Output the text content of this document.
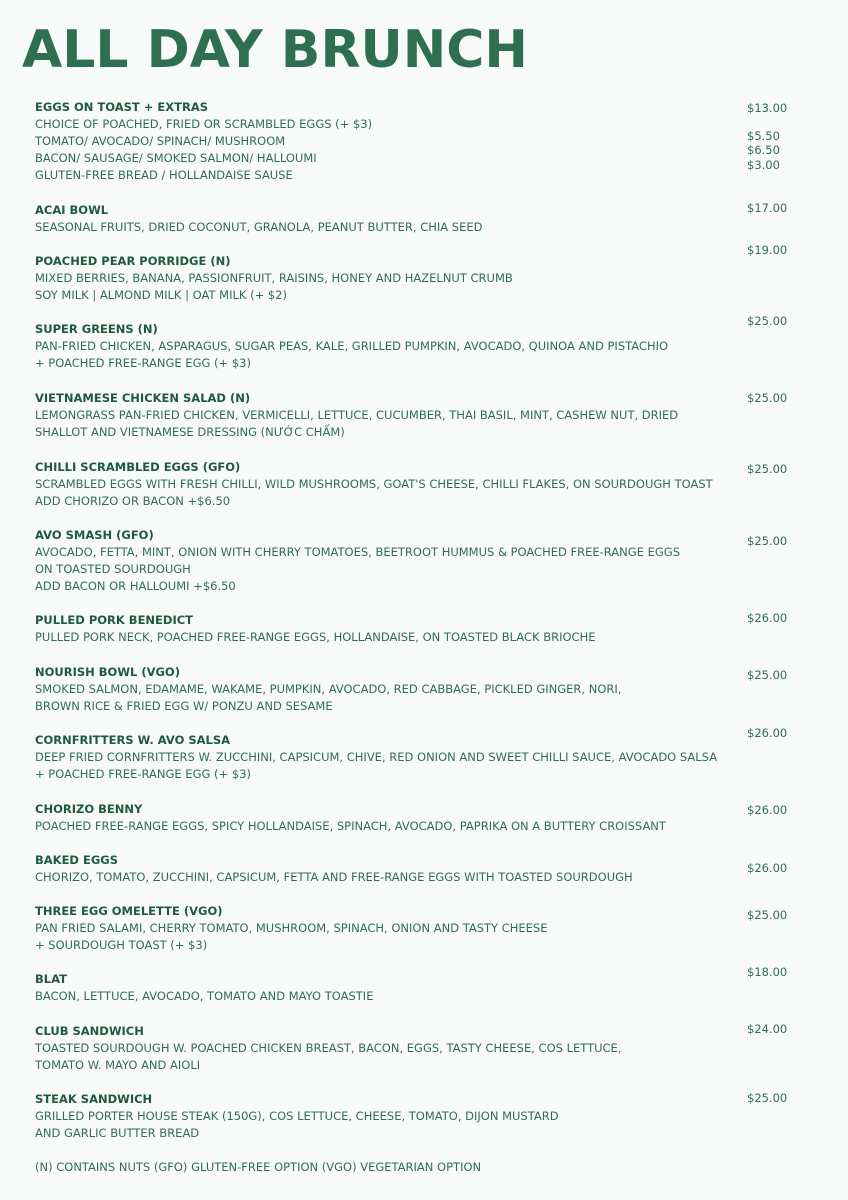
ALL DAY BRUNCH
EGGS ON TOAST + EXTRAS
CHOICE OF POACHED, FRIED OR SCRAMBLED EGGS (+ $3)
TOMATO/ AVOCADO/ SPINACH/ MUSHROOM
BACON/ SAUSAGE/ SMOKED SALMON/ HALLOUMI
GLUTEN-FREE BREAD / HOLLANDAISE SAUSE
$13.00
$5.50
$6.50
$3.00
ACAI BOWL
SEASONAL FRUITS, DRIED COCONUT, GRANOLA, PEANUT BUTTER, CHIA SEED
$17.00
POACHED PEAR PORRIDGE (N)
MIXED BERRIES, BANANA, PASSIONFRUIT, RAISINS, HONEY AND HAZELNUT CRUMB
SOY MILK | ALMOND MILK | OAT MILK (+ $2)
$19.00
SUPER GREENS (N)
PAN-FRIED CHICKEN, ASPARAGUS, SUGAR PEAS, KALE, GRILLED PUMPKIN, AVOCADO, QUINOA AND PISTACHIO
+ POACHED FREE-RANGE EGG (+ $3)
$25.00
VIETNAMESE CHICKEN SALAD (N)
LEMONGRASS PAN-FRIED CHICKEN, VERMICELLI, LETTUCE, CUCUMBER, THAI BASIL, MINT, CASHEW NUT, DRIED
SHALLOT AND VIETNAMESE DRESSING (NƯỚC CHẤM)
$25.00
CHILLI SCRAMBLED EGGS (GFO)
SCRAMBLED EGGS WITH FRESH CHILLI, WILD MUSHROOMS, GOAT'S CHEESE, CHILLI FLAKES, ON SOURDOUGH TOAST
ADD CHORIZO OR BACON +$6.50
$25.00
AVO SMASH (GFO)
AVOCADO, FETTA, MINT, ONION WITH CHERRY TOMATOES, BEETROOT HUMMUS & POACHED FREE-RANGE EGGS
ON TOASTED SOURDOUGH
ADD BACON OR HALLOUMI +$6.50
$25.00
PULLED PORK BENEDICT
PULLED PORK NECK, POACHED FREE-RANGE EGGS, HOLLANDAISE, ON TOASTED BLACK BRIOCHE
$26.00
NOURISH BOWL (VGO)
SMOKED SALMON, EDAMAME, WAKAME, PUMPKIN, AVOCADO, RED CABBAGE, PICKLED GINGER, NORI,
BROWN RICE & FRIED EGG W/ PONZU AND SESAME
$25.00
CORNFRITTERS W. AVO SALSA
DEEP FRIED CORNFRITTERS W. ZUCCHINI, CAPSICUM, CHIVE, RED ONION AND SWEET CHILLI SAUCE, AVOCADO SALSA
+ POACHED FREE-RANGE EGG (+ $3)
$26.00
CHORIZO BENNY
POACHED FREE-RANGE EGGS, SPICY HOLLANDAISE, SPINACH, AVOCADO, PAPRIKA ON A BUTTERY CROISSANT
$26.00
BAKED EGGS
CHORIZO, TOMATO, ZUCCHINI, CAPSICUM, FETTA AND FREE-RANGE EGGS WITH TOASTED SOURDOUGH
$26.00
THREE EGG OMELETTE (VGO)
PAN FRIED SALAMI, CHERRY TOMATO, MUSHROOM, SPINACH, ONION AND TASTY CHEESE
+ SOURDOUGH TOAST (+ $3)
$25.00
BLAT
BACON, LETTUCE, AVOCADO, TOMATO AND MAYO TOASTIE
$18.00
CLUB SANDWICH
TOASTED SOURDOUGH W. POACHED CHICKEN BREAST, BACON, EGGS, TASTY CHEESE, COS LETTUCE,
TOMATO W. MAYO AND AIOLI
$24.00
STEAK SANDWICH
GRILLED PORTER HOUSE STEAK (150G), COS LETTUCE, CHEESE, TOMATO, DIJON MUSTARD
AND GARLIC BUTTER BREAD
$25.00
(N) CONTAINS NUTS (GFO) GLUTEN-FREE OPTION (VGO) VEGETARIAN OPTION
